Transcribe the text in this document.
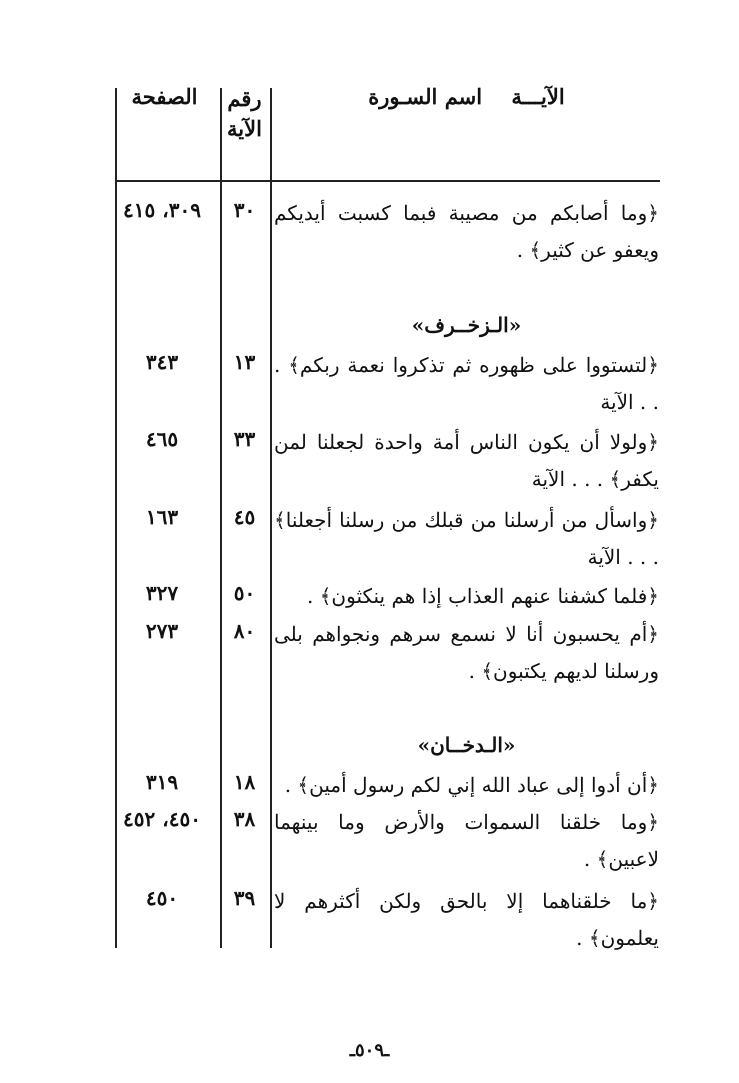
الآيـــة    اسم السـورة
رقم الآية
الصفحة
﴿وما أصابكم من مصيبة فبما كسبت أيديكم ويعفو عن كثير﴾ .
٣٠
٣٠٩، ٤١٥
«الـزخــرف»
﴿لتستووا على ظهوره ثم تذكروا نعمة ربكم﴾ . . . الآية
١٣
٣٤٣
﴿ولولا أن يكون الناس أمة واحدة لجعلنا لمن يكفر﴾ . . . الآية
٣٣
٤٦٥
﴿واسأل من أرسلنا من قبلك من رسلنا أجعلنا﴾ . . . الآية
٤٥
١٦٣
﴿فلما كشفنا عنهم العذاب إذا هم ينكثون﴾ .
٥٠
٣٢٧
﴿أم يحسبون أنا لا نسمع سرهم ونجواهم بلى ورسلنا لديهم يكتبون﴾ .
٨٠
٢٧٣
«الـدخــان»
﴿أن أدوا إلى عباد الله إني لكم رسول أمين﴾ .
١٨
٣١٩
﴿وما خلقنا السموات والأرض وما بينهما لاعبين﴾ .
٣٨
٤٥٠، ٤٥٢
﴿ما خلقناهما إلا بالحق ولكن أكثرهم لا يعلمون﴾ .
٣٩
٤٥٠
ـ٥٠٩ـ
